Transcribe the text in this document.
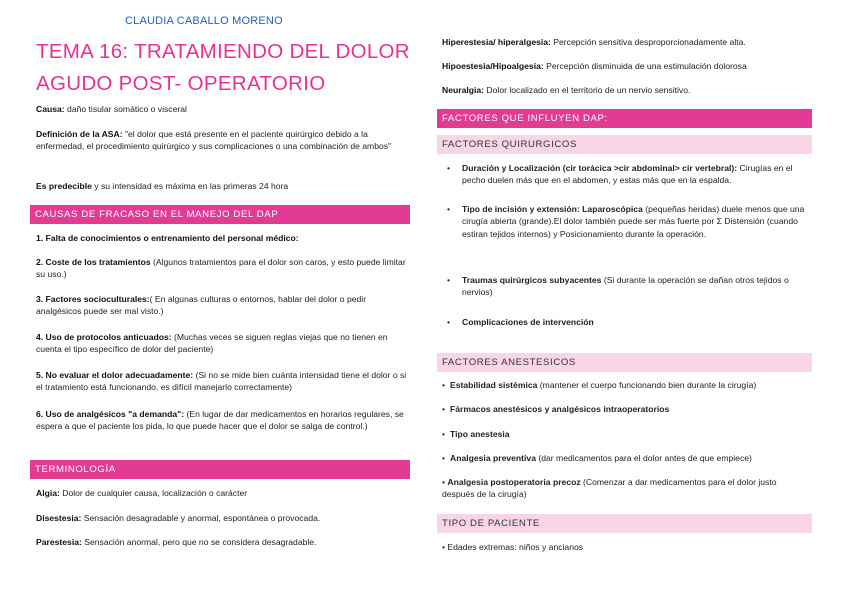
CLAUDIA CABALLO MORENO
TEMA 16: TRATAMIENDO DEL DOLOR AGUDO POST- OPERATORIO
Causa: daño tisular somático o visceral
Definición de la ASA: "el dolor que está presente en el paciente quirúrgico debido a la enfermedad, el procedimiento quirúrgico y sus complicaciones o una combinación de ambos"
Es predecible y su intensidad es máxima en las primeras 24 hora
CAUSAS DE FRACASO EN EL MANEJO DEL DAP
1. Falta de conocimientos o entrenamiento del personal médico:
2. Coste de los tratamientos (Algunos tratamientos para el dolor son caros, y esto puede limitar su uso.)
3. Factores socioculturales:( En algunas culturas o entornos, hablar del dolor o pedir analgésicos puede ser mal visto.)
4. Uso de protocolos anticuados: (Muchas veces se siguen reglas viejas que no tienen en cuenta el tipo específico de dolor del paciente)
5. No evaluar el dolor adecuadamente: (Si no se mide bien cuánta intensidad tiene el dolor o si el tratamiento está funcionando, es difícil manejarlo correctamente)
6. Uso de analgésicos "a demanda": (En lugar de dar medicamentos en horarios regulares, se espera a que el paciente los pida, lo que puede hacer que el dolor se salga de control.)
TERMINOLOGÍA
Algia: Dolor de cualquier causa, localización o carácter
Disestesia: Sensación desagradable y anormal, espontánea o provocada.
Parestesia: Sensación anormal, pero que no se considera desagradable.
Hiperestesia/ hiperalgesia: Percepción sensitiva desproporcionadamente alta.
Hipoestesia/Hipoalgesia: Percepción disminuida de una estimulación dolorosa
Neuralgia: Dolor localizado en el territorio de un nervio sensitivo.
FACTORES QUE INFLUYEN DAP:
FACTORES QUIRURGICOS
• Duración y Localización (cir torácica >cir abdominal> cir vertebral): Cirugías en el pecho duelen más que en el abdomen, y estas más que en la espalda.
• Tipo de incisión y extensión: Laparoscópica (pequeñas heridas) duele menos que una cirugía abierta (grande).El dolor también puede ser más fuerte por Σ Distensión (cuando estiran tejidos internos) y Posicionamiento durante la operación.
• Traumas quirúrgicos subyacentes (Si durante la operación se dañan otros tejidos o nervios)
• Complicaciones de intervención
FACTORES ANESTESICOS
• Estabilidad sistémica (mantener el cuerpo funcionando bien durante la cirugía)
• Fármacos anestésicos y analgésicos intraoperatorios
• Tipo anestesia
• Analgesia preventiva (dar medicamentos para el dolor antes de que empiece)
• Analgesia postoperatoria precoz (Comenzar a dar medicamentos para el dolor justo después de la cirugía)
TIPO DE PACIENTE
• Edades extremas: niños y ancianos
